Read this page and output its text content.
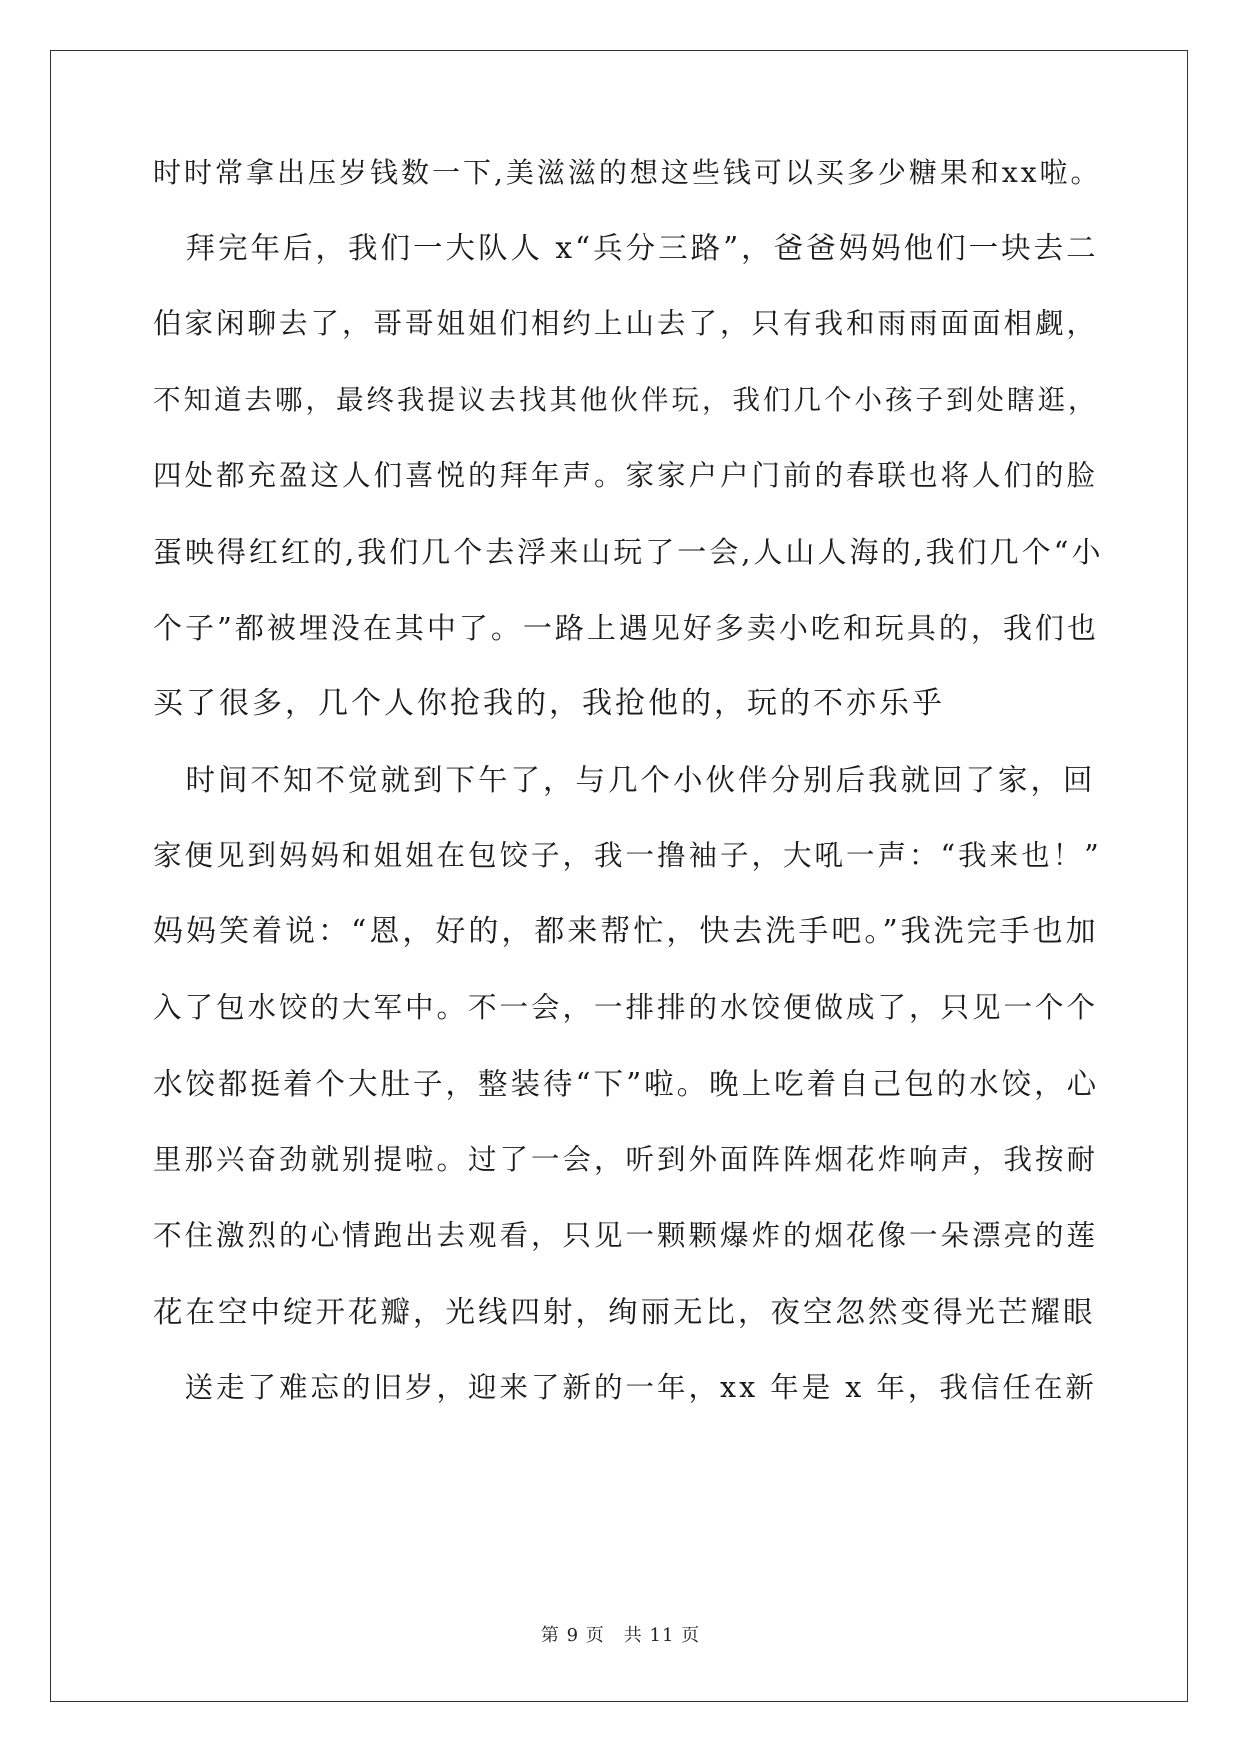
时时常拿出压岁钱数一下,美滋滋的想这些钱可以买多少糖果和xx啦。
　拜完年后，我们一大队人 x“兵分三路”，爸爸妈妈他们一块去二
伯家闲聊去了，哥哥姐姐们相约上山去了，只有我和雨雨面面相觑，
不知道去哪，最终我提议去找其他伙伴玩，我们几个小孩子到处瞎逛，
四处都充盈这人们喜悦的拜年声。家家户户门前的春联也将人们的脸
蛋映得红红的,我们几个去浮来山玩了一会,人山人海的,我们几个“小
个子”都被埋没在其中了。一路上遇见好多卖小吃和玩具的，我们也
买了很多，几个人你抢我的，我抢他的，玩的不亦乐乎
　时间不知不觉就到下午了，与几个小伙伴分别后我就回了家，回
家便见到妈妈和姐姐在包饺子，我一撸袖子，大吼一声：“我来也！”
妈妈笑着说：“恩，好的，都来帮忙，快去洗手吧。”我洗完手也加
入了包水饺的大军中。不一会，一排排的水饺便做成了，只见一个个
水饺都挺着个大肚子，整装待“下”啦。晚上吃着自己包的水饺，心
里那兴奋劲就别提啦。过了一会，听到外面阵阵烟花炸响声，我按耐
不住激烈的心情跑出去观看，只见一颗颗爆炸的烟花像一朵漂亮的莲
花在空中绽开花瓣，光线四射，绚丽无比，夜空忽然变得光芒耀眼
　送走了难忘的旧岁，迎来了新的一年，xx 年是 x 年，我信任在新
第 9 页　共 11 页
